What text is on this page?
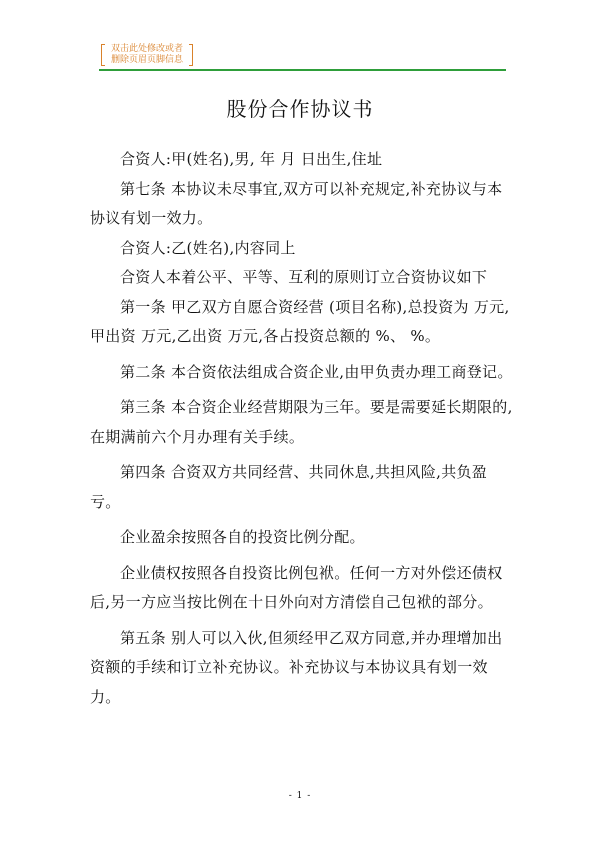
双击此处修改或者
删除页眉页脚信息
股份合作协议书

合资人:甲(姓名),男, 年 月 日出生,住址

第七条 本协议未尽事宜,双方可以补充规定,补充协议与本协议有划一效力。

合资人:乙(姓名),内容同上

合资人本着公平、平等、互利的原则订立合资协议如下

第一条 甲乙双方自愿合资经营 (项目名称),总投资为 万元,甲出资 万元,乙出资 万元,各占投资总额的 %、 %。

第二条 本合资依法组成合资企业,由甲负责办理工商登记。

第三条 本合资企业经营期限为三年。要是需要延长期限的,在期满前六个月办理有关手续。

第四条 合资双方共同经营、共同休息,共担风险,共负盈亏。

企业盈余按照各自的投资比例分配。

企业债权按照各自投资比例包袱。任何一方对外偿还债权后,另一方应当按比例在十日外向对方清偿自己包袱的部分。

第五条 别人可以入伙,但须经甲乙双方同意,并办理增加出资额的手续和订立补充协议。补充协议与本协议具有划一效力。

- 1 -
